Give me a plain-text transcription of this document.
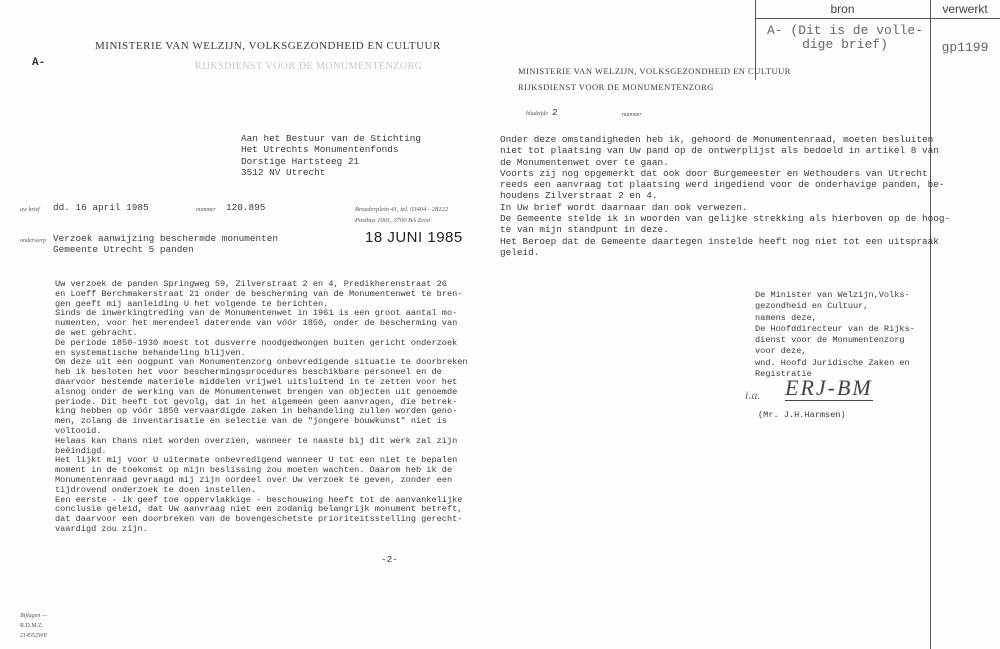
bron	verwerkt
A- (Dit is de volle-
dige brief)	gp1199
A-
MINISTERIE VAN WELZIJN, VOLKSGEZONDHEID EN CULTUUR
RIJKSDIENST VOOR DE MONUMENTENZORG
Aan het Bestuur van de Stichting
Het Utrechts Monumentenfonds
Dorstige Hartsteeg 21
3512 NV Utrecht
uw brief dd. 16 april 1985	nummer 120.895	Broederplein 41, tel. 03404 - 28122
Postbus 1001, 3700 BA Zeist
18 JUNI 1985
onderwerp Verzoek aanwijzing beschermde monumenten
Gemeente Utrecht 5 panden
Uw verzoek de panden Springweg 59, Zilverstraat 2 en 4, Predikherenstraat 26
en Loeff Berchmakerstraat 21 onder de bescherming van de Monumentenwet te bren-
gen geeft mij aanleiding U het volgende te berichten.
Sinds de inwerkingtreding van de Monumentenwet in 1961 is een groot aantal mo-
numenten, voor het merendeel daterende van vóór 1850, onder de bescherming van
de wet gebracht.
De periode 1850-1930 moest tot dusverre noodgedwongen buiten gericht onderzoek
en systematische behandeling blijven.
Om deze uit een oogpunt van Monumentenzorg onbevredigende situatie te doorbreken
heb ik besloten het voor beschermingsprocedures beschikbare personeel en de
daarvoor bestemde materiele middelen vrijwel uitsluitend in te zetten voor het
alsnog onder de werking van de Monumentenwet brengen van objecten uit genoemde
periode. Dit heeft tot gevolg, dat in het algemeen geen aanvragen, die betrek-
king hebben op vóór 1850 vervaardigde zaken in behandeling zullen worden geno-
men, zolang de inventarisatie en selectie van de "jongere bouwkunst" niet is
voltooid.
Helaas kan thans niet worden overzien, wanneer te naaste bij dit werk zal zijn
beëindigd.
Het lijkt mij voor U uitermate onbevredigend wanneer U tot een niet te bepalen
moment in de toekomst op mijn beslissing zou moeten wachten. Daarom heb ik de
Monumentenraad gevraagd mij zijn oordeel over Uw verzoek te geven, zonder een
tijdrovend onderzoek te doen instellen.
Een eerste - ik geef toe oppervlakkige - beschouwing heeft tot de aanvankelijke
conclusie geleid, dat Uw aanvraag niet een zodanig belangrijk monument betreft,
dat daarvoor een doorbreken van de bovengeschetste prioriteitsstelling gerecht-
vaardigd zou zijn.
-2-
Bijlagen —
R.D.M.Z.
214552WP
MINISTERIE VAN WELZIJN, VOLKSGEZONDHEID EN CULTUUR
RIJKSDIENST VOOR DE MONUMENTENZORG
bladzijde 2	nummer
Onder deze omstandigheden heb ik, gehoord de Monumentenraad, moeten besluiten
niet tot plaatsing van Uw pand op de ontwerplijst als bedoeld in artikel 8 van
de Monumentenwet over te gaan.
Voorts zij nog opgemerkt dat ook door Burgemeester en Wethouders van Utrecht
reeds een aanvraag tot plaatsing werd ingediend voor de onderhavige panden, be-
houdens Zilverstraat 2 en 4.
In Uw brief wordt daarnaar dan ook verwezen.
De Gemeente stelde ik in woorden van gelijke strekking als hierboven op de hoog-
te van mijn standpunt in deze.
Het Beroep dat de Gemeente daartegen instelde heeft nog niet tot een uitspraak
geleid.
De Minister van Welzijn,Volks-
gezondheid en Cultuur,
namens deze,
De Hoofddirecteur van de Rijks-
dienst voor de Monumentenzorg
voor deze,
wnd. Hoofd Juridische Zaken en
Registratie
i.a. ERJ-BM
(Mr. J.H.Harmsen)
